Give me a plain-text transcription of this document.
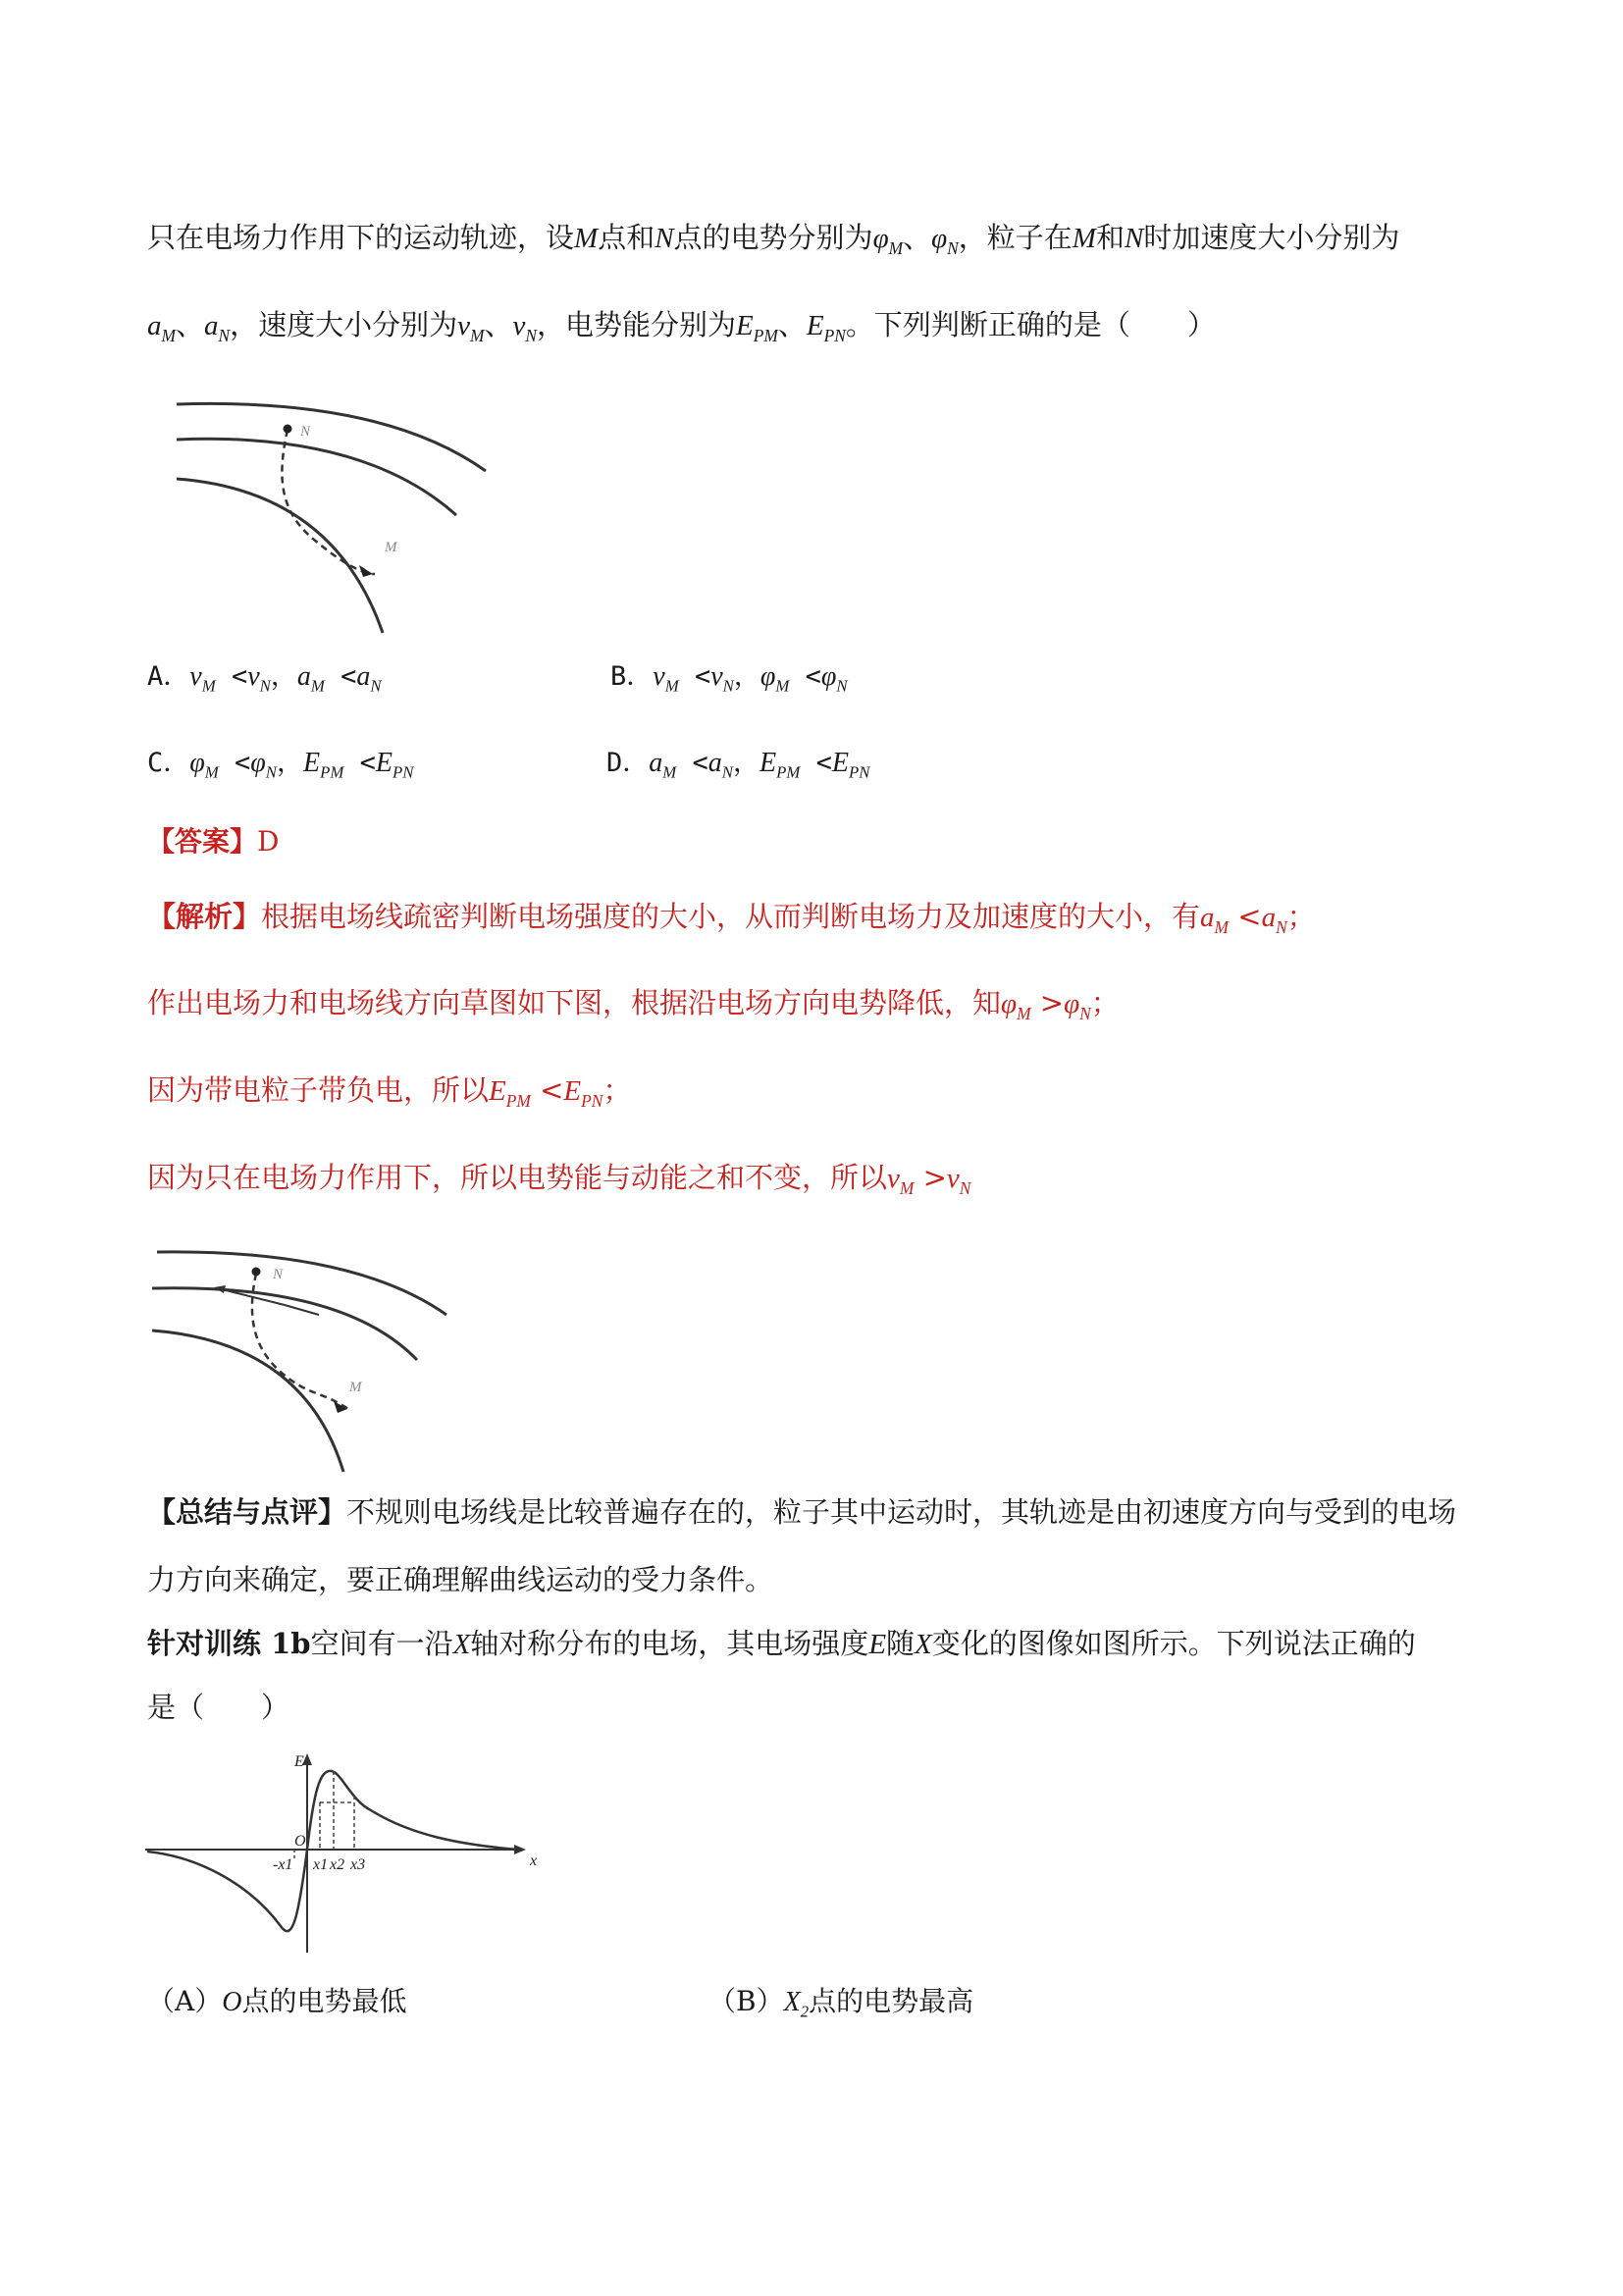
只在电场力作用下的运动轨迹，设M点和N点的电势分别为$\varphi_M$、$\varphi_N$，粒子在M和N时加速度大小分别为
$a_M$、$a_N$，速度大小分别为$v_M$、$v_N$，电势能分别为$E_{PM}$、$E_{PN}$。下列判断正确的是（　　）
N
M
A．$v_M <v_N$，$a_M <a_N$	B．$v_M <v_N$，$\varphi_M <\varphi_N$
C．$\varphi_M <\varphi_N$，$E_{PM} <E_{PN}$	D．$a_M <a_N$，$E_{PM} <E_{PN}$
【答案】D
【解析】根据电场线疏密判断电场强度的大小，从而判断电场力及加速度的大小，有$a_M <a_N$；
作出电场力和电场线方向草图如下图，根据沿电场方向电势降低，知$\varphi_M >\varphi_N$；
因为带电粒子带负电，所以$E_{PM} <E_{PN}$；
因为只在电场力作用下，所以电势能与动能之和不变，所以$v_M >v_N$
N
M
【总结与点评】不规则电场线是比较普遍存在的，粒子其中运动时，其轨迹是由初速度方向与受到的电场
力方向来确定，要正确理解曲线运动的受力条件。
针对训练 1b空间有一沿X轴对称分布的电场，其电场强度E随X变化的图像如图所示。下列说法正确的
是（　　）
E
O
x
-x1 x1 x2 x3
（A）O点的电势最低	$(B)X_2$点的电势最高
